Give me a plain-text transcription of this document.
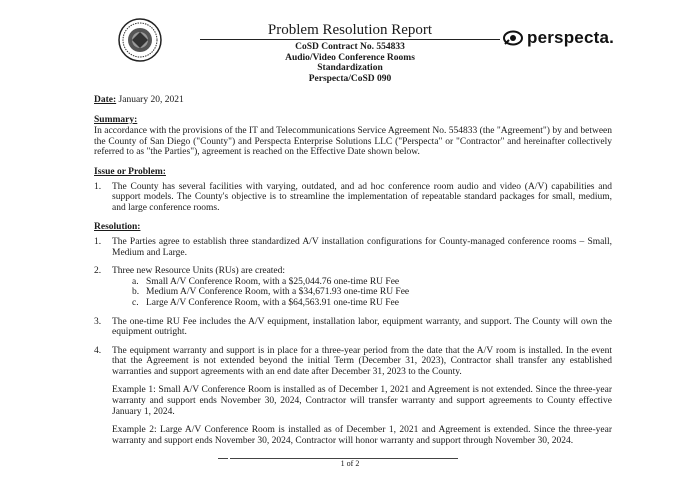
Problem Resolution Report
CoSD Contract No. 554833
Audio/Video Conference Rooms
Standardization
Perspecta/CoSD 090
perspecta.
Date: January 20, 2021
Summary:

In accordance with the provisions of the IT and Telecommunications Service Agreement No. 554833 (the "Agreement") by and between the County of San Diego ("County") and Perspecta Enterprise Solutions LLC ("Perspecta" or "Contractor" and hereinafter collectively referred to as "the Parties"), agreement is reached on the Effective Date shown below.

Issue or Problem:
1.	The County has several facilities with varying, outdated, and ad hoc conference room audio and video (A/V) capabilities and support models. The County's objective is to streamline the implementation of repeatable standard packages for small, medium, and large conference rooms.
Resolution:
1.	The Parties agree to establish three standardized A/V installation configurations for County-managed conference rooms – Small, Medium and Large.
2.	Three new Resource Units (RUs) are created:
a. Small A/V Conference Room, with a $25,044.76 one-time RU Fee
b. Medium A/V Conference Room, with a $34,671.93 one-time RU Fee
c. Large A/V Conference Room, with a $64,563.91 one-time RU Fee
3.	The one-time RU Fee includes the A/V equipment, installation labor, equipment warranty, and support. The County will own the equipment outright.
4.	The equipment warranty and support is in place for a three-year period from the date that the A/V room is installed. In the event that the Agreement is not extended beyond the initial Term (December 31, 2023), Contractor shall transfer any established warranties and support agreements with an end date after December 31, 2023 to the County.
Example 1: Small A/V Conference Room is installed as of December 1, 2021 and Agreement is not extended. Since the three-year warranty and support ends November 30, 2024, Contractor will transfer warranty and support agreements to County effective January 1, 2024.
Example 2: Large A/V Conference Room is installed as of December 1, 2021 and Agreement is extended. Since the three-year warranty and support ends November 30, 2024, Contractor will honor warranty and support through November 30, 2024.
1 of 2
